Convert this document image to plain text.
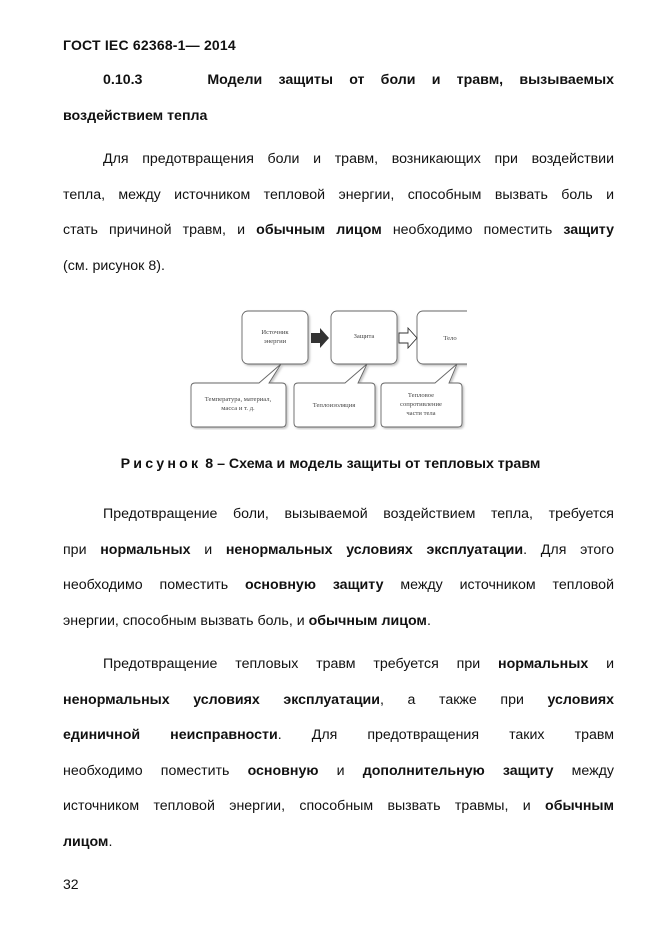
ГОСТ IEC 62368-1— 2014
0.10.3	Модели защиты от боли и травм, вызываемых
воздействием тепла
Для предотвращения боли и травм, возникающих при воздействии
тепла, между источником тепловой энергии, способным вызвать боль и
стать причиной травм, и обычным лицом необходимо поместить защиту
(см. рисунок 8).
Источник
энергии
Защита	Тело
Температура, материал,
масса и т. д.	Теплоизоляция
Тепловое
сопротивление
части тела
Рисунок 8 – Схема и модель защиты от тепловых травм
Предотвращение боли, вызываемой воздействием тепла, требуется
при нормальных и ненормальных условиях эксплуатации. Для этого
необходимо поместить основную защиту между источником тепловой
энергии, способным вызвать боль, и обычным лицом.
Предотвращение тепловых травм требуется при нормальных и
ненормальных условиях эксплуатации, а также при условиях
единичной неисправности. Для предотвращения таких травм
необходимо поместить основную и дополнительную защиту между
источником тепловой энергии, способным вызвать травмы, и обычным
лицом.
32
